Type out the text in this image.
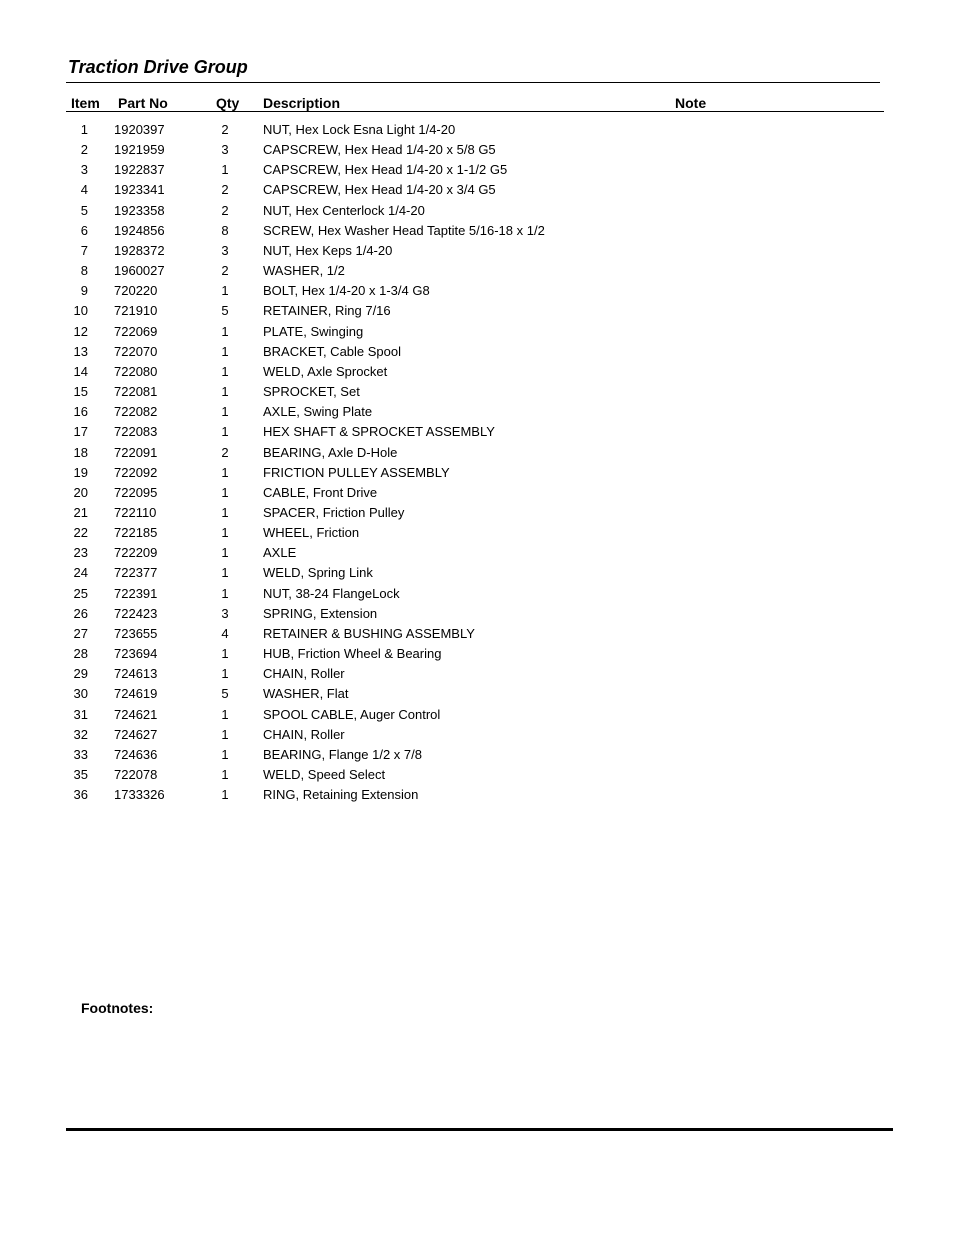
Traction Drive Group
Item Part No	Qty Description	Note
1 1920397	2	NUT, Hex Lock Esna Light 1/4-20
2 1921959	3	CAPSCREW, Hex Head 1/4-20 x 5/8 G5
3 1922837	1	CAPSCREW, Hex Head 1/4-20 x 1-1/2 G5
4 1923341	2	CAPSCREW, Hex Head 1/4-20 x 3/4 G5
5 1923358	2	NUT, Hex Centerlock 1/4-20
6 1924856	8	SCREW, Hex Washer Head Taptite 5/16-18 x 1/2
7 1928372	3	NUT, Hex Keps 1/4-20
8 1960027	2	WASHER, 1/2
9 720220	1	BOLT, Hex 1/4-20 x 1-3/4 G8
10 721910	5	RETAINER, Ring 7/16
12 722069	1	PLATE, Swinging
13 722070	1	BRACKET, Cable Spool
14 722080	1	WELD, Axle Sprocket
15 722081	1	SPROCKET, Set
16 722082	1	AXLE, Swing Plate
17 722083	1	HEX SHAFT & SPROCKET ASSEMBLY
18 722091	2	BEARING, Axle D-Hole
19 722092	1	FRICTION PULLEY ASSEMBLY
20 722095	1	CABLE, Front Drive
21 722110	1	SPACER, Friction Pulley
22 722185	1	WHEEL, Friction
23 722209	1	AXLE
24 722377	1	WELD, Spring Link
25 722391	1	NUT, 38-24 FlangeLock
26 722423	3	SPRING, Extension
27 723655	4	RETAINER & BUSHING ASSEMBLY
28 723694	1	HUB, Friction Wheel & Bearing
29 724613	1	CHAIN, Roller
30 724619	5	WASHER, Flat
31 724621	1	SPOOL CABLE, Auger Control
32 724627	1	CHAIN, Roller
33 724636	1	BEARING, Flange 1/2 x 7/8
35 722078	1	WELD, Speed Select
36 1733326	1	RING, Retaining Extension
Footnotes:
